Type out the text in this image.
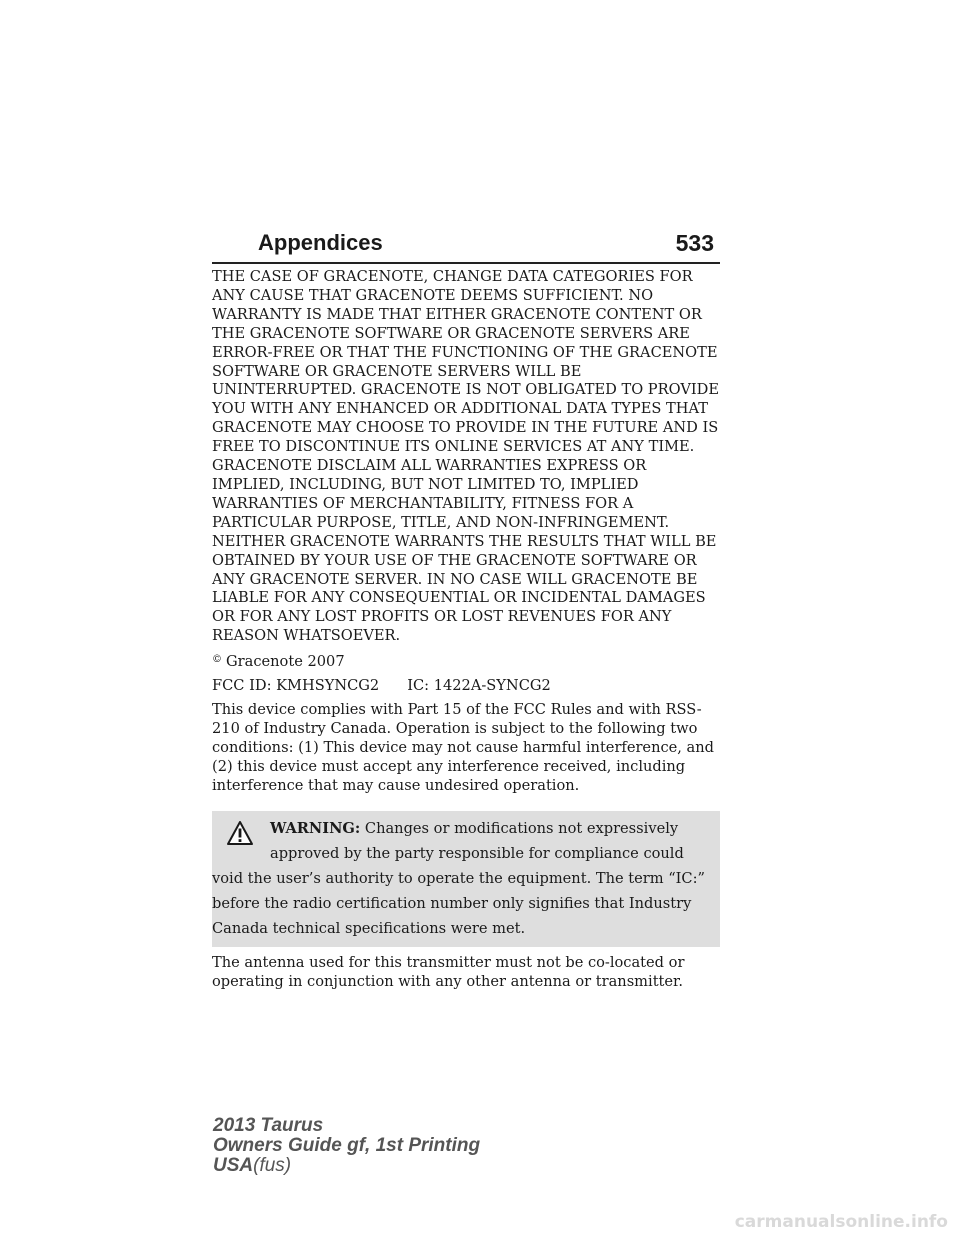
Appendices	533

THE CASE OF GRACENOTE, CHANGE DATA CATEGORIES FOR ANY CAUSE THAT GRACENOTE DEEMS SUFFICIENT. NO WARRANTY IS MADE THAT EITHER GRACENOTE CONTENT OR THE GRACENOTE SOFTWARE OR GRACENOTE SERVERS ARE ERROR-FREE OR THAT THE FUNCTIONING OF THE GRACENOTE SOFTWARE OR GRACENOTE SERVERS WILL BE UNINTERRUPTED. GRACENOTE IS NOT OBLIGATED TO PROVIDE YOU WITH ANY ENHANCED OR ADDITIONAL DATA TYPES THAT GRACENOTE MAY CHOOSE TO PROVIDE IN THE FUTURE AND IS FREE TO DISCONTINUE ITS ONLINE SERVICES AT ANY TIME. GRACENOTE DISCLAIM ALL WARRANTIES EXPRESS OR IMPLIED, INCLUDING, BUT NOT LIMITED TO, IMPLIED WARRANTIES OF MERCHANTABILITY, FITNESS FOR A PARTICULAR PURPOSE, TITLE, AND NON-INFRINGEMENT. NEITHER GRACENOTE WARRANTS THE RESULTS THAT WILL BE OBTAINED BY YOUR USE OF THE GRACENOTE SOFTWARE OR ANY GRACENOTE SERVER. IN NO CASE WILL GRACENOTE BE LIABLE FOR ANY CONSEQUENTIAL OR INCIDENTAL DAMAGES OR FOR ANY LOST PROFITS OR LOST REVENUES FOR ANY REASON WHATSOEVER.

© Gracenote 2007

FCC ID: KMHSYNCG2 IC: 1422A-SYNCG2

This device complies with Part 15 of the FCC Rules and with RSS-210 of Industry Canada. Operation is subject to the following two conditions: (1) This device may not cause harmful interference, and (2) this device must accept any interference received, including interference that may cause undesired operation.

WARNING: Changes or modifications not expressively approved by the party responsible for compliance could void the user’s authority to operate the equipment. The term “IC:” before the radio certification number only signifies that Industry Canada technical specifications were met.

The antenna used for this transmitter must not be co-located or operating in conjunction with any other antenna or transmitter.

2013 Taurus
Owners Guide gf, 1st Printing
USA(fus)
carmanualsonline.info
